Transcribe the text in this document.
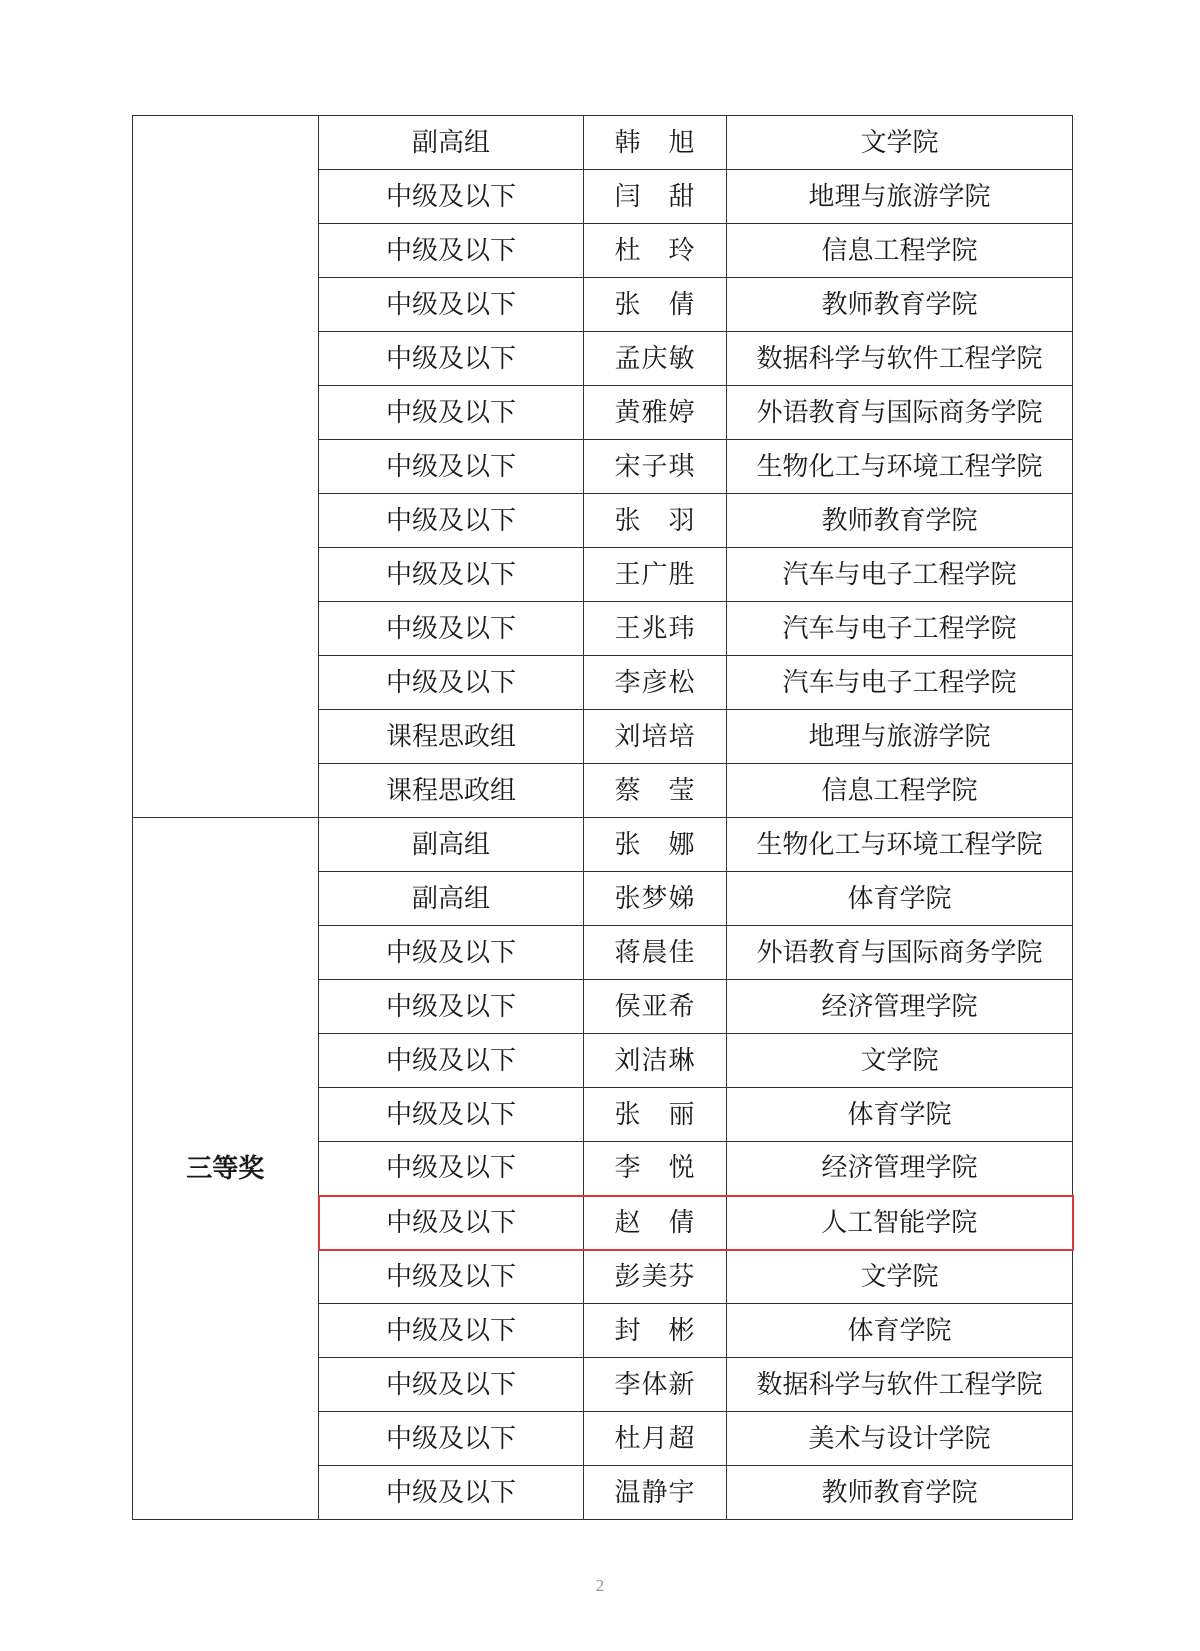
	副高组	韩　旭	文学院
	中级及以下	闫　甜	地理与旅游学院
	中级及以下	杜　玲	信息工程学院
	中级及以下	张　倩	教师教育学院
	中级及以下	孟庆敏	数据科学与软件工程学院
	中级及以下	黄雅婷	外语教育与国际商务学院
	中级及以下	宋子琪	生物化工与环境工程学院
	中级及以下	张　羽	教师教育学院
	中级及以下	王广胜	汽车与电子工程学院
	中级及以下	王兆玮	汽车与电子工程学院
	中级及以下	李彦松	汽车与电子工程学院
	课程思政组	刘培培	地理与旅游学院
	课程思政组	蔡　莹	信息工程学院
三等奖	副高组	张　娜	生物化工与环境工程学院
	副高组	张梦娣	体育学院
	中级及以下	蒋晨佳	外语教育与国际商务学院
	中级及以下	侯亚希	经济管理学院
	中级及以下	刘洁琳	文学院
	中级及以下	张　丽	体育学院
	中级及以下	李　悦	经济管理学院
	中级及以下	赵　倩	人工智能学院
	中级及以下	彭美芬	文学院
	中级及以下	封　彬	体育学院
	中级及以下	李体新	数据科学与软件工程学院
	中级及以下	杜月超	美术与设计学院
	中级及以下	温静宇	教师教育学院
2
